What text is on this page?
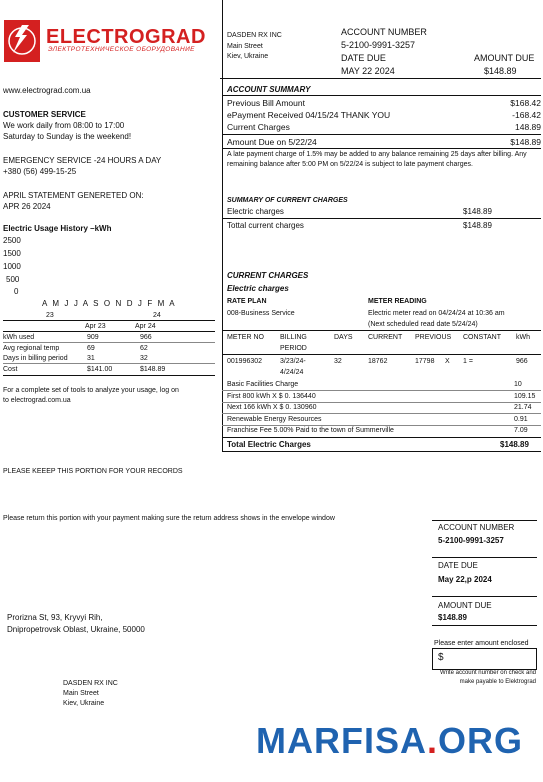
ELECTROGRAD
ЭЛЕКТРОТЕХНИЧЕСКОЕ ОБОРУДОВАНИЕ
DASDEN RX INC
Main Street
Kiev, Ukraine
ACCOUNT NUMBER
5-2100-9991-3257
DATE DUE	AMOUNT DUE
MAY 22 2024	$148.89
www.electrograd.com.ua
CUSTOMER SERVICE
We work daily from 08:00 to 17:00
Saturday to Sunday is the weekend!
EMERGENCY SERVICE -24 HOURS A DAY
+380 (56) 499-15-25
APRIL STATEMENT GENERETED ON:
APR 26 2024
Electric Usage History –kWh
2500
1500
1000
500
0
A M J J A S O N D J F M A
23	24
Apr 23	Apr 24
kWh used	909	966
Avg regional temp	69	62
Days in billing period	31	32
Cost	$141.00	$148.89
For a complete set of tools to analyze your usage, log on
to electrograd.com.ua
ACCOUNT SUMMARY
Previous Bill Amount	$168.42
ePayment Received 04/15/24 THANK YOU	-168.42
Current Charges	148.89
Amount Due on 5/22/24	$148.89
A late payment charge of 1.5% may be added to any balance remaining 25 days after billing. Any remaining balance after 5:00 PM on 5/22/24 is subject to late payment charges.
SUMMARY OF CURRENT CHARGES
Electric charges	$148.89
Tottal current charges	$148.89
CURRENT CHARGES
Electric charges
RATE PLAN	METER READING
008-Business Service	Electric meter read on 04/24/24 at 10:36 am
(Next scheduled read date 5/24/24)
METER NO BILLING
PERIOD
DAYS CURRENT PREVIOUS CONSTANT kWh
001996302	3/23/24-
4/24/24
32	18762	17798 X 1 =	966
Basic Facilities Charge	10
First 800 kWh X $ 0. 136440	109.15
Next 166 kWh X $ 0. 130960	21.74
Renewable Energy Resources	0.91
Franchise Fee 5.00% Paid to the town of Summerville	7.09
Total Electric Charges	$148.89
PLEASE KEEEP THIS PORTION FOR YOUR RECORDS
Please return this portion with your payment making sure the return address shows in the envelope window
ACCOUNT NUMBER
5-2100-9991-3257
DATE DUE
May 22,p 2024
AMOUNT DUE
$148.89
Please enter amount enclosed
$
Write account number on check and
make payable to Elektrograd
Prorizna St, 93, Kryvyi Rih,
Dnipropetrovsk Oblast, Ukraine, 50000
DASDEN RX INC
Main Street
Kiev, Ukraine
MARFISA.ORG
